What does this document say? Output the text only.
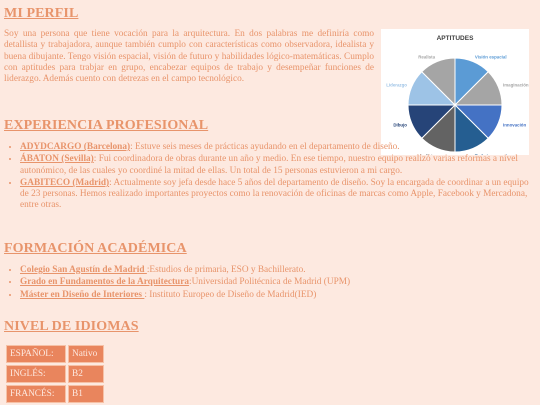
MI PERFIL

Soy una persona que tiene vocación para la arquitectura. En dos palabras me definiría como detallista y trabajadora, aunque también cumplo con características como observadora, idealista y buena dibujante. Tengo visión espacial, visión de futuro y habilidades lógico-matemáticas. Cumplo con aptitudes para trabjar en grupo, encabezar equipos de trabajo y desempeñar funciones de liderazgo. Además cuento con detrezas en el campo tecnológico.

APTITUDES
Visión espacial
Imaginación
Innovación
Dibujo
Liderazgo
Realista
EXPERIENCIA PROFESIONAL
• ADYDCARGO (Barcelona): Estuve seis meses de prácticas ayudando en el departamento de diseño.
• ÁBATON (Sevilla): Fui coordinadora de obras durante un año y medio. En ese tiempo, nuestro equipo realizó varias reformas a nivel autonómico, de las cuales yo coordiné la mitad de ellas. Un total de 15 personas estuvieron a mi cargo.
• GABITECO (Madrid): Actualmente soy jefa desde hace 5 años del departamento de diseño. Soy la encargada de coordinar a un equipo de 23 personas. Hemos realizado importantes proyectos como la renovación de oficinas de marcas como Apple, Facebook y Mercadona, entre otras.
FORMACIÓN ACADÉMICA
• Colegio San Agustín de Madrid :Estudios de primaria, ESO y Bachillerato.
• Grado en Fundamentos de la Arquitectura:Universidad Politécnica de Madrid (UPM)
• Máster en Diseño de Interiores : Instituto Europeo de Diseño de Madrid(IED)
NIVEL DE IDIOMAS
ESPAÑOL:	Nativo
INGLÉS:	B2
FRANCÉS:	B1
